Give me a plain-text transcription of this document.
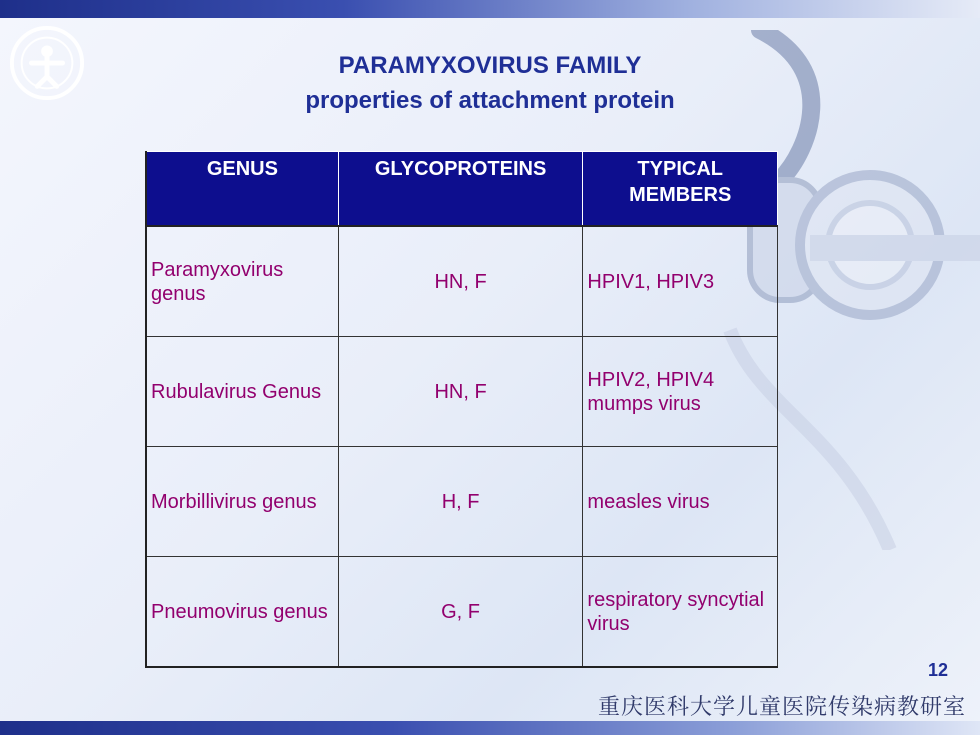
PARAMYXOVIRUS FAMILY
properties of attachment protein
GENUS	GLYCOPROTEINS	TYPICAL MEMBERS
Paramyxovirus genus	HN, F	HPIV1, HPIV3
Rubulavirus Genus	HN, F	HPIV2, HPIV4 mumps virus
Morbillivirus genus	H, F	measles virus
Pneumovirus genus	G, F	respiratory syncytial virus
12
重庆医科大学儿童医院传染病教研室
